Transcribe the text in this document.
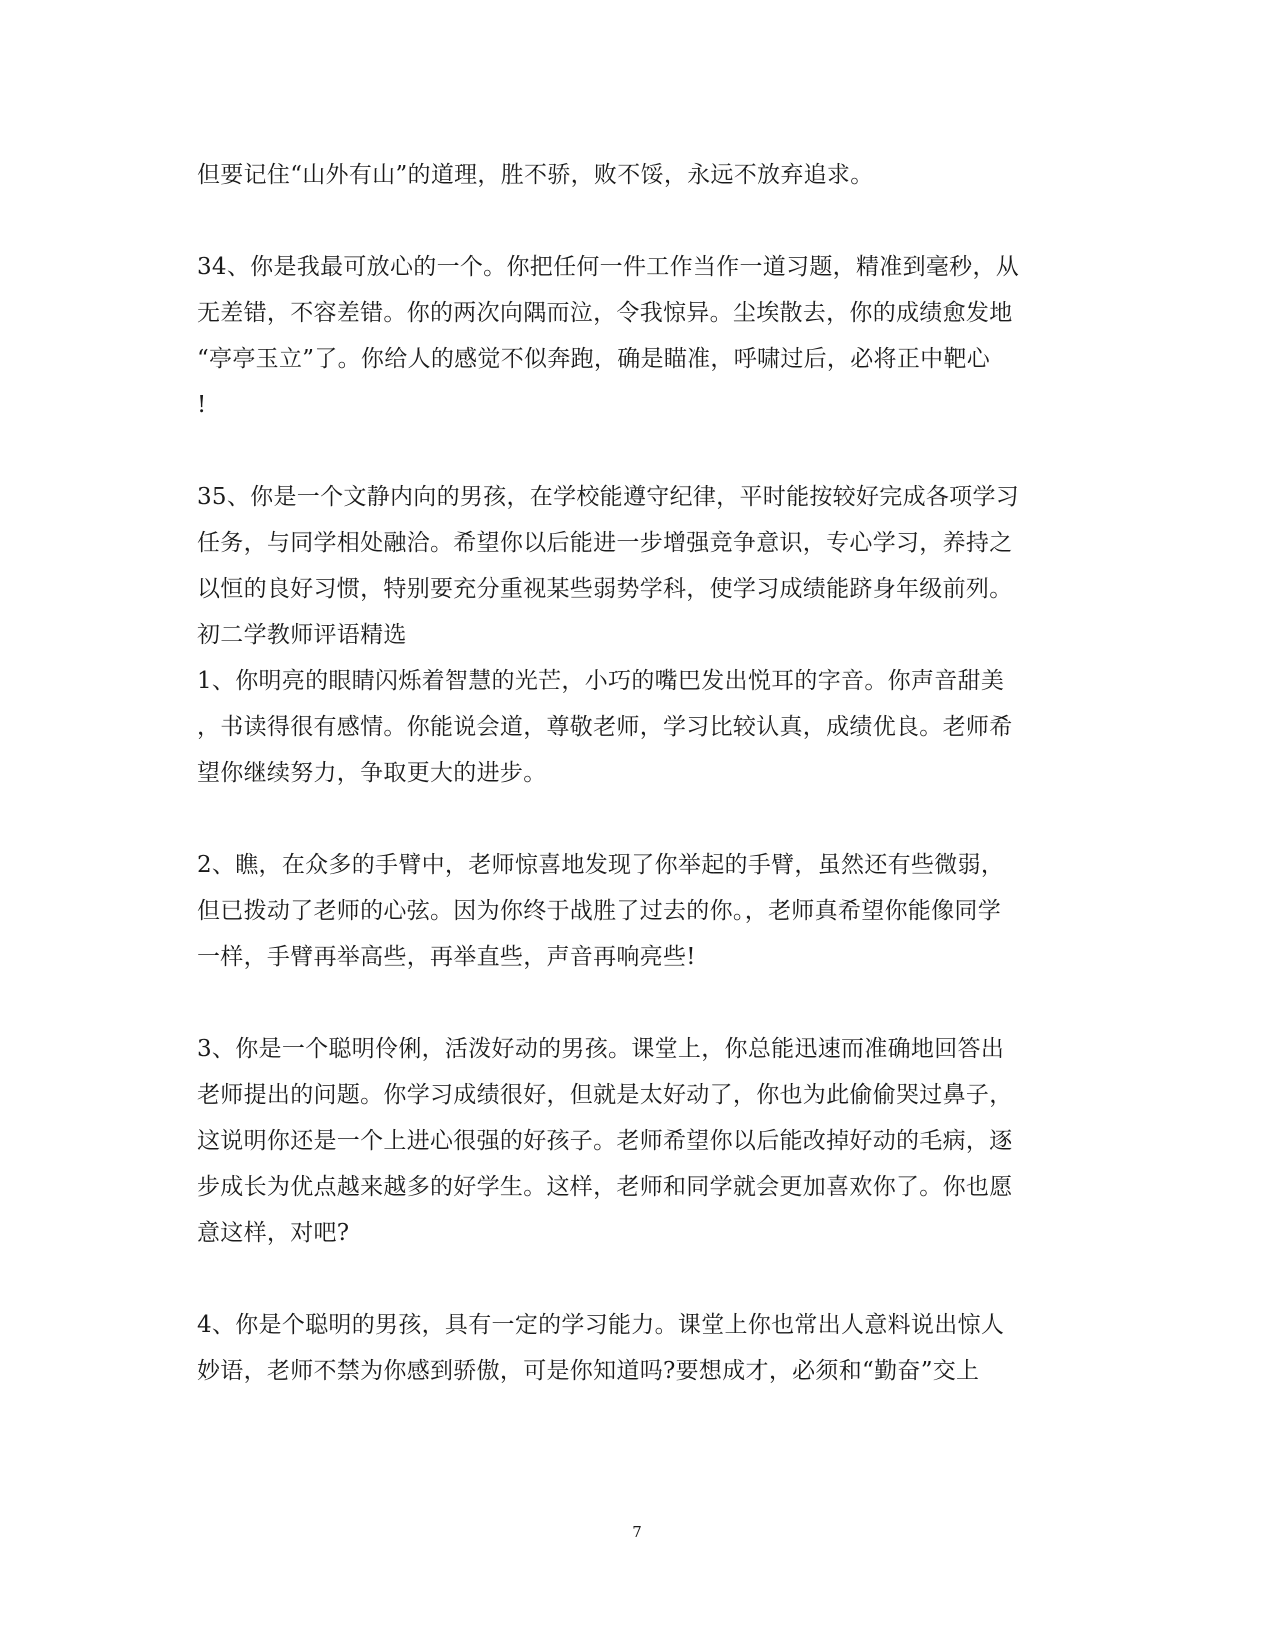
但要记住“山外有山”的道理，胜不骄，败不馁，永远不放弃追求。
34、你是我最可放心的一个。你把任何一件工作当作一道习题，精准到毫秒，从
无差错，不容差错。你的两次向隅而泣，令我惊异。尘埃散去，你的成绩愈发地
“亭亭玉立”了。你给人的感觉不似奔跑，确是瞄准，呼啸过后，必将正中靶心
!
35、你是一个文静内向的男孩，在学校能遵守纪律，平时能按较好完成各项学习
任务，与同学相处融洽。希望你以后能进一步增强竞争意识，专心学习，养持之
以恒的良好习惯，特别要充分重视某些弱势学科，使学习成绩能跻身年级前列。
初二学教师评语精选
1、你明亮的眼睛闪烁着智慧的光芒，小巧的嘴巴发出悦耳的字音。你声音甜美
，书读得很有感情。你能说会道，尊敬老师，学习比较认真，成绩优良。老师希
望你继续努力，争取更大的进步。
2、瞧，在众多的手臂中，老师惊喜地发现了你举起的手臂，虽然还有些微弱，
但已拨动了老师的心弦。因为你终于战胜了过去的你。，老师真希望你能像同学
一样，手臂再举高些，再举直些，声音再响亮些!
3、你是一个聪明伶俐，活泼好动的男孩。课堂上，你总能迅速而准确地回答出
老师提出的问题。你学习成绩很好，但就是太好动了，你也为此偷偷哭过鼻子，
这说明你还是一个上进心很强的好孩子。老师希望你以后能改掉好动的毛病，逐
步成长为优点越来越多的好学生。这样，老师和同学就会更加喜欢你了。你也愿
意这样，对吧?
4、你是个聪明的男孩，具有一定的学习能力。课堂上你也常出人意料说出惊人
妙语，老师不禁为你感到骄傲，可是你知道吗?要想成才，必须和“勤奋”交上
7
